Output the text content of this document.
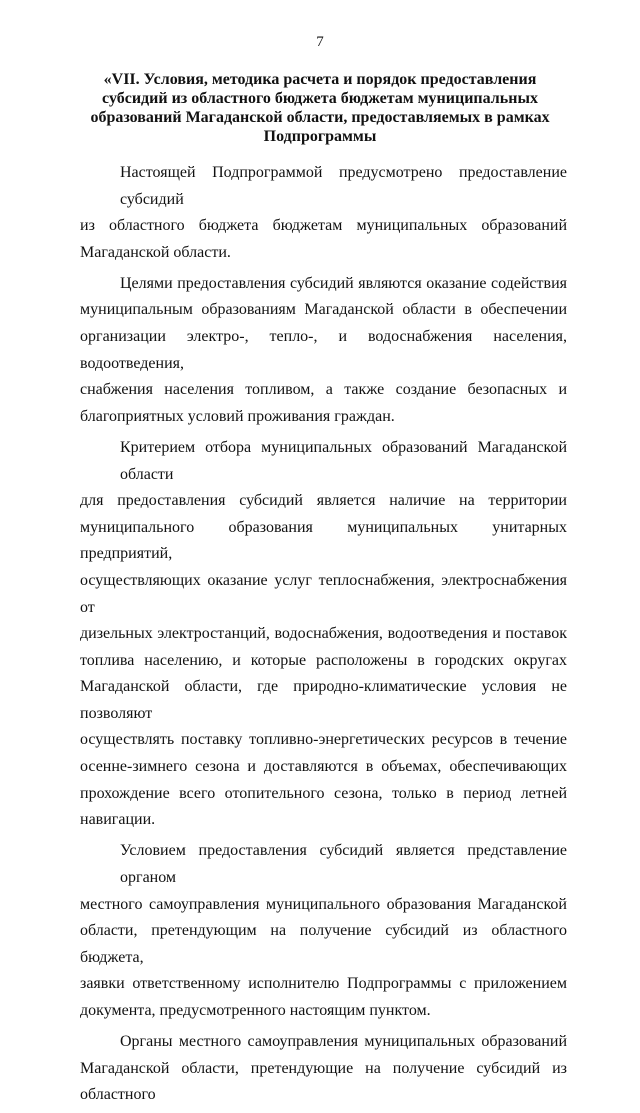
7
«VII. Условия, методика расчета и порядок предоставления
субсидий из областного бюджета бюджетам муниципальных
образований Магаданской области, предоставляемых в рамках
Подпрограммы
Настоящей Подпрограммой предусмотрено предоставление субсидий
из областного бюджета бюджетам муниципальных образований
Магаданской области.
Целями предоставления субсидий являются оказание содействия
муниципальным образованиям Магаданской области в обеспечении
организации электро-, тепло-, и водоснабжения населения, водоотведения,
снабжения населения топливом, а также создание безопасных и
благоприятных условий проживания граждан.
Критерием отбора муниципальных образований Магаданской области
для предоставления субсидий является наличие на территории
муниципального образования муниципальных унитарных предприятий,
осуществляющих оказание услуг теплоснабжения, электроснабжения от
дизельных электростанций, водоснабжения, водоотведения и поставок
топлива населению, и которые расположены в городских округах
Магаданской области, где природно-климатические условия не позволяют
осуществлять поставку топливно-энергетических ресурсов в течение
осенне-зимнего сезона и доставляются в объемах, обеспечивающих
прохождение всего отопительного сезона, только в период летней
навигации.
Условием предоставления субсидий является представление органом
местного самоуправления муниципального образования Магаданской
области, претендующим на получение субсидий из областного бюджета,
заявки ответственному исполнителю Подпрограммы с приложением
документа, предусмотренного настоящим пунктом.
Органы местного самоуправления муниципальных образований
Магаданской области, претендующие на получение субсидий из областного
